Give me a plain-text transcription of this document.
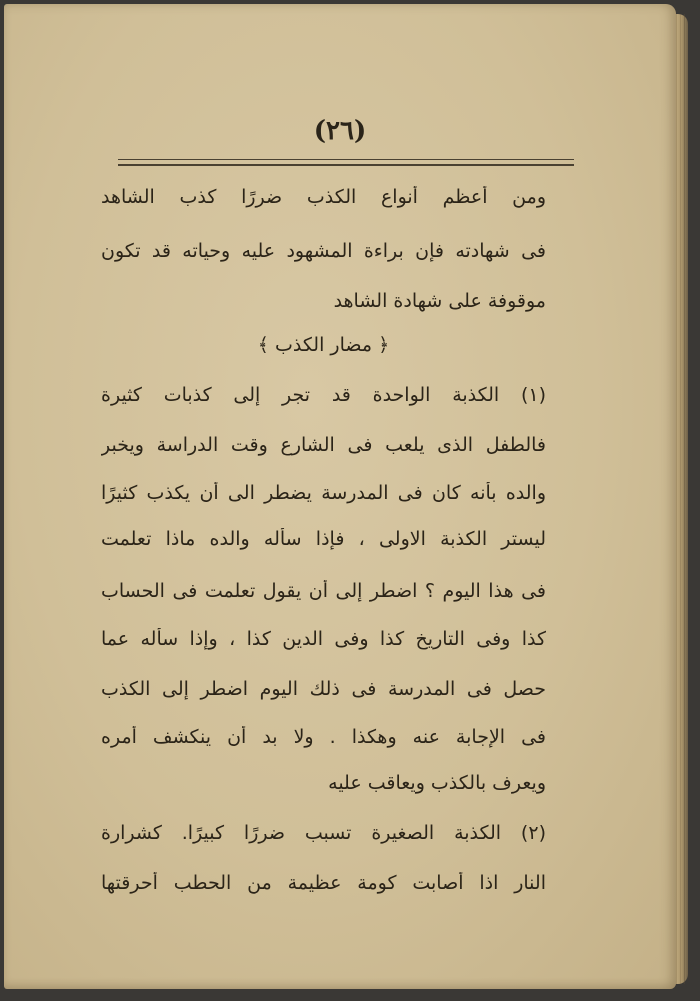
(٢٦)
ومن أعظم أنواع الكذب ضررًا كذب الشاهد
فى شهادته فإن براءة المشهود عليه وحياته قد تكون
موقوفة على شهادة الشاهد
﴿ مضار الكذب ﴾
(١) الكذبة الواحدة قد تجر إلى كذبات كثيرة
فالطفل الذى يلعب فى الشارع وقت الدراسة ويخبر
والده بأنه كان فى المدرسة يضطر الى أن يكذب كثيرًا
ليستر الكذبة الاولى ، فإذا سأله والده ماذا تعلمت
فى هذا اليوم ؟ اضطر إلى أن يقول تعلمت فى الحساب
كذا وفى التاريخ كذا وفى الدين كذا ، وإذا سأله عما
حصل فى المدرسة فى ذلك اليوم اضطر إلى الكذب
فى الإجابة عنه وهكذا . ولا بد أن ينكشف أمره
ويعرف بالكذب ويعاقب عليه
(٢) الكذبة الصغيرة تسبب ضررًا كبيرًا. كشرارة
النار اذا أصابت كومة عظيمة من الحطب أحرقتها
